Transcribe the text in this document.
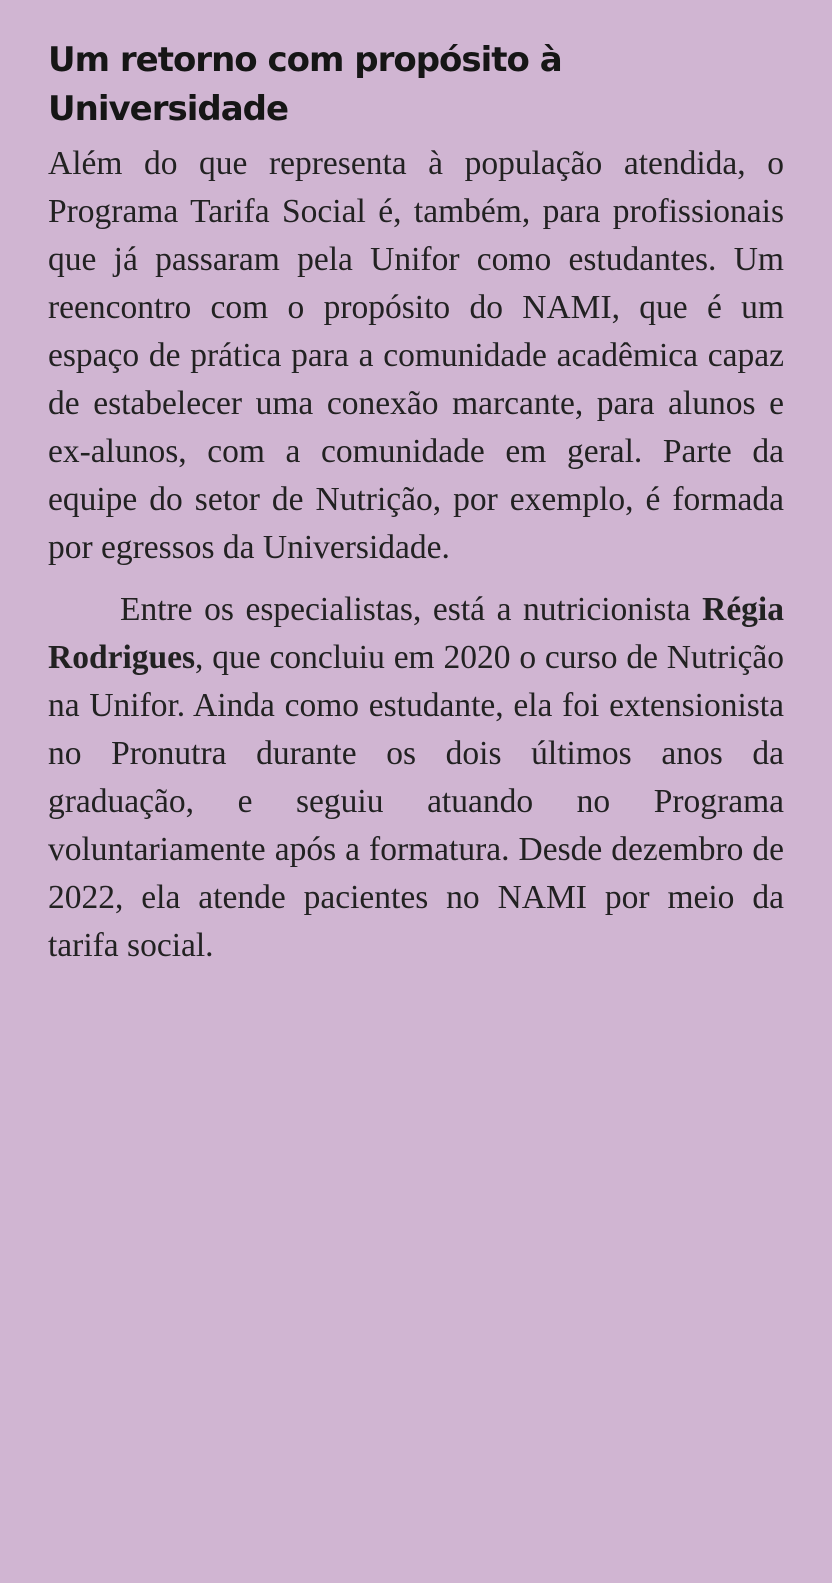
Um retorno com propósito à Universidade

Além do que representa à população atendida, o Programa Tarifa Social é, também, para profissionais que já passaram pela Unifor como estudantes. Um reencontro com o propósito do NAMI, que é um espaço de prática para a comunidade acadêmica capaz de estabelecer uma conexão marcante, para alunos e ex-alunos, com a comunidade em geral. Parte da equipe do setor de Nutrição, por exemplo, é formada por egressos da Universidade.

Entre os especialistas, está a nutricionista Régia Rodrigues, que concluiu em 2020 o curso de Nutrição na Unifor. Ainda como estudante, ela foi extensionista no Pronutra durante os dois últimos anos da graduação, e seguiu atuando no Programa voluntariamente após a formatura. Desde dezembro de 2022, ela atende pacientes no NAMI por meio da tarifa social.
